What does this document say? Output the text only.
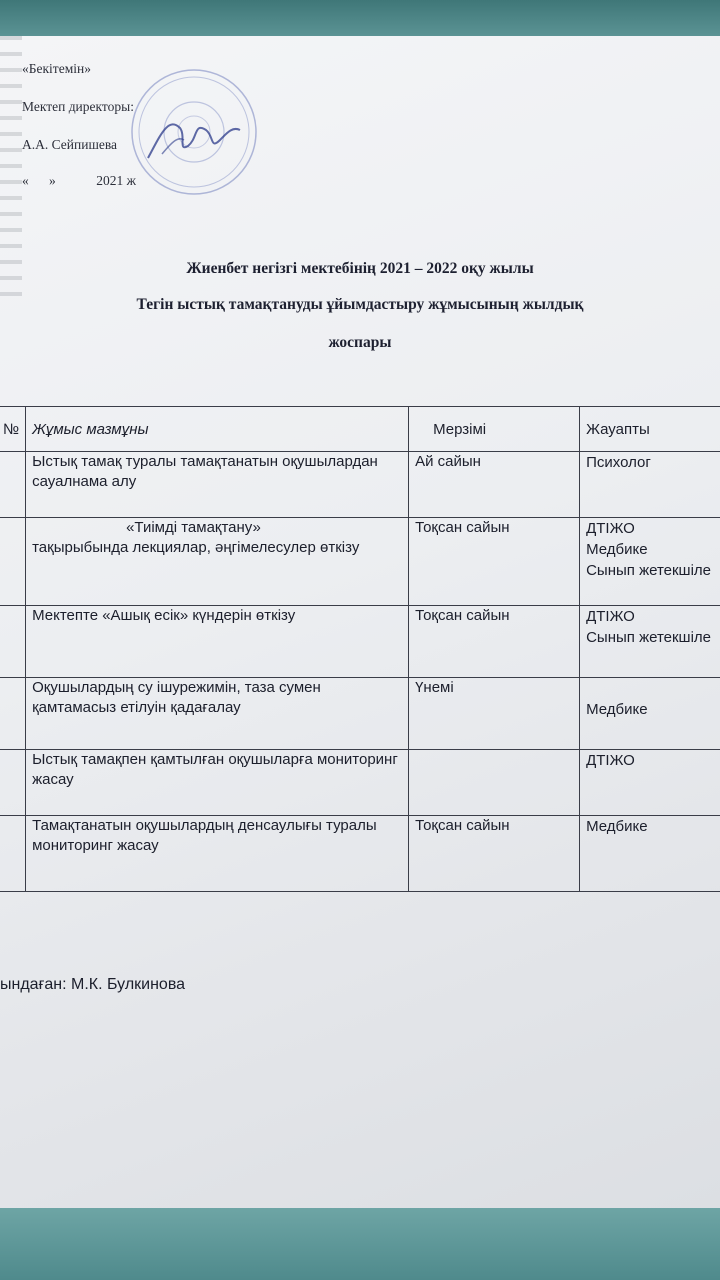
«Бекітемін»
Мектеп директоры:
А.А. Сейпишева
«      »            2021 ж
Жиенбет негізгі мектебінің 2021 – 2022 оқу жылы
Тегін ыстық тамақтануды ұйымдастыру жұмысының жылдық
жоспары
№	Жұмыс мазмұны	Мерзімі	Жауапты
	Ыстық тамақ туралы тамақтанатын оқушылардан сауалнама алу	Ай сайын	Психолог

	«Тиімді тамақтану»
тақырыбында лекциялар, әңгімелесулер өткізу	Тоқсан сайын	ДТІЖО
Медбике
Сынып жетекшіле

	Мектепте «Ашық есік» күндерін өткізу	Тоқсан сайын	ДТІЖО
Сынып жетекшіле

	Оқушылардың су ішурежимін, таза сумен қамтамасыз етілуін қадағалау	Үнемі	Медбике

	Ыстық тамақпен қамтылған оқушыларға мониторинг жасау		ДТІЖО

	Тамақтанатын оқушылардың денсаулығы туралы мониторинг жасау	Тоқсан сайын	Медбике
ындаған: М.К. Булкинова
